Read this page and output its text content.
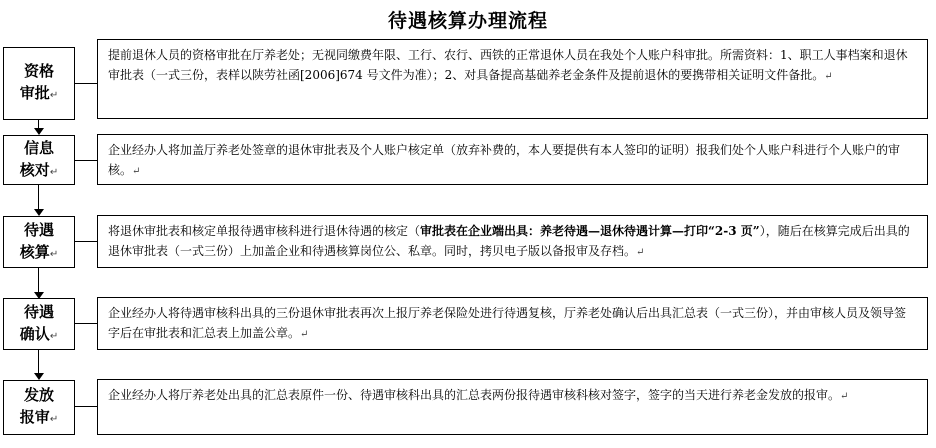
待遇核算办理流程
资格
审批↵
提前退休人员的资格审批在厅养老处；无视同缴费年限、工行、农行、西铁的正常退休人员在我处个人账户科审批。所需资料：1、职工人事档案和退休审批表（一式三份，表样以陕劳社函[2006]674 号文件为准）；2、对具备提高基础养老金条件及提前退休的要携带相关证明文件备批。↵
信息
核对↵
企业经办人将加盖厅养老处签章的退休审批表及个人账户核定单（放弃补费的，本人要提供有本人签印的证明）报我们处个人账户科进行个人账户的审核。↵
待遇
核算↵
将退休审批表和核定单报待遇审核科进行退休待遇的核定（审批表在企业端出具：养老待遇—退休待遇计算—打印“2-3 页”），随后在核算完成后出具的退休审批表（一式三份）上加盖企业和待遇核算岗位公、私章。同时，拷贝电子版以备报审及存档。↵
待遇
确认↵
企业经办人将待遇审核科出具的三份退休审批表再次上报厅养老保险处进行待遇复核，厅养老处确认后出具汇总表（一式三份），并由审核人员及领导签字后在审批表和汇总表上加盖公章。↵
发放
报审↵
企业经办人将厅养老处出具的汇总表原件一份、待遇审核科出具的汇总表两份报待遇审核科核对签字，签字的当天进行养老金发放的报审。↵
